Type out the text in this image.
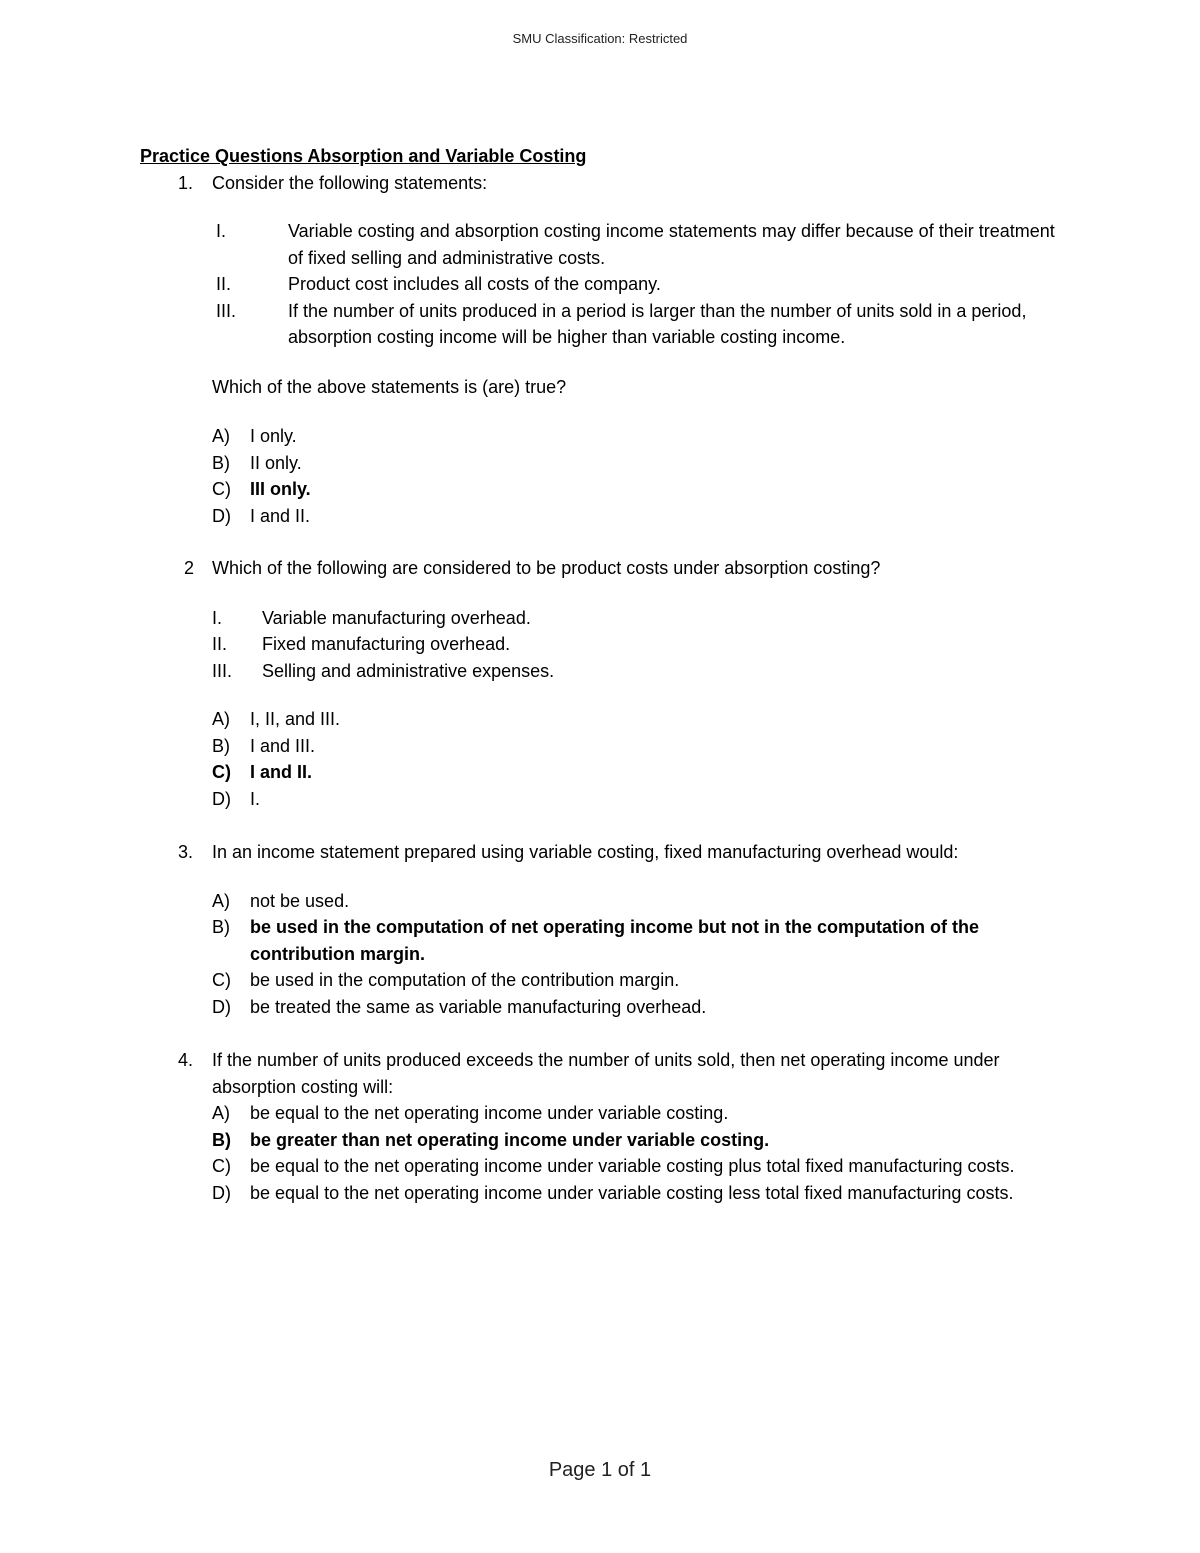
SMU Classification: Restricted
Practice Questions Absorption and Variable Costing
1. Consider the following statements:
I.	Variable costing and absorption costing income statements may differ because of their treatment of fixed selling and administrative costs.
II.	Product cost includes all costs of the company.
III.	If the number of units produced in a period is larger than the number of units sold in a period, absorption costing income will be higher than variable costing income.
Which of the above statements is (are) true?
A) I only.
B) II only.
C) III only.
D) I and II.
2 Which of the following are considered to be product costs under absorption costing?
I. Variable manufacturing overhead.
II. Fixed manufacturing overhead.
III. Selling and administrative expenses.
A) I, II, and III.
B) I and III.
C) I and II.
D) I.
3. In an income statement prepared using variable costing, fixed manufacturing overhead would:
A) not be used.
B) be used in the computation of net operating income but not in the computation of the contribution margin.
C) be used in the computation of the contribution margin.
D) be treated the same as variable manufacturing overhead.
4. If the number of units produced exceeds the number of units sold, then net operating income under absorption costing will:
A) be equal to the net operating income under variable costing.
B) be greater than net operating income under variable costing.
C) be equal to the net operating income under variable costing plus total fixed manufacturing costs.
D) be equal to the net operating income under variable costing less total fixed manufacturing costs.
Page 1 of 1
